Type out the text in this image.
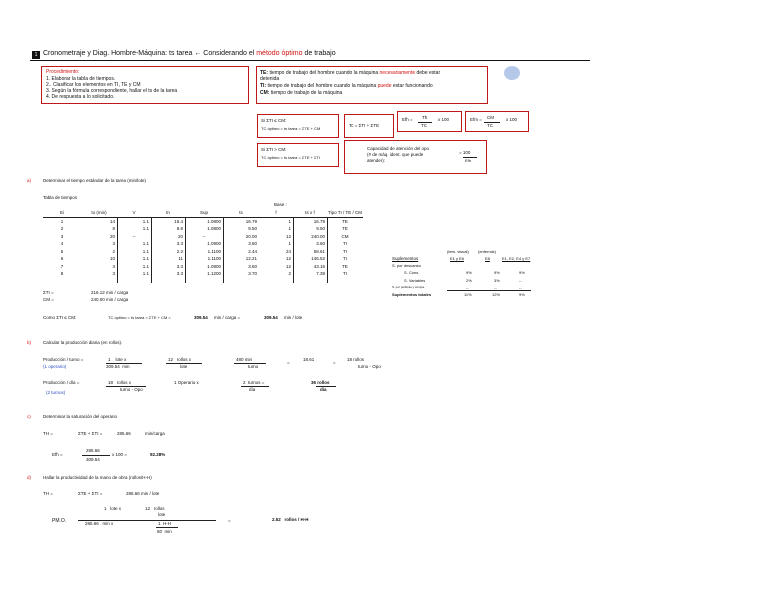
1 Cronometraje y Diag. Hombre-Máquina: ts tarea ← Considerando el método óptimo de trabajo
Procedimiento:
1. Elaborar la tabla de tiempos.
2.. Clasificar los elementos en TI, TE y CM
3. Según la fórmula correspondiente, hallar el ts de la tarea
4. De respuesta a lo solicitado.
TE: tiempo de trabajo del hombre cuando la máquina necesariamente debe estar
detenida
TI: tiempo de trabajo del hombre cuando la máquina puede estar funcionando
CM: tiempo de trabajo de la máquina
Si ΣTI ≤ CM:
TC óptimo = ts tarea = ΣTE + CM
Tc = ΣTI + ΣTE
Efh = Th
TC
x 100	Efm = CM
TC
x 100
Si ΣTI > CM:
TC óptimo = ts tarea = ΣTE + ΣTI
Capacidad de atención del opo
(# de máq. ident. que puede
atender):
= 100
Efh
a)	Determinar el tiempo estándar de la tarea (min/lote)
Tabla de tiempos
Base :
Ei	to (min)	V	tn	Sup	ts	f	ts x f	Tipo TI / TE / CM
1	14	1.1	15.4	1.0800	16.79	1	16.79	TE
2	8	1.1	8.8	1.0800	9.50	1	9.50	TE
3	20	--	20	--	20.00	12	240.00	CM
4	3	1.1	3.3	1.0900	3.60	1	3.60	TI
5	2	1.1	2.2	1.1100	2.44	24	58.61	TI
6	10	1.1	11	1.1100	12.21	12	146.52	TI
7	3	1.1	3.3	1.0900	3.60	12	43.16	TE
8	3	1.1	3.3	1.1200	3.70	2	7.39	TI
(tem. visual) (enfermiz)
E1 y E6	E8	E1, E2, E4 y E7
Suplementos
S. por descanso
S. Cons.	9%	9%	9%
S. Variables	2%	3%	--
S. por políticas y compa.	--	--	--
Suplementos totales	11%	12%	9%
ΣTI =	216.12 min / carga
CM =	240.00 min / carga
Como ΣTI ≤ CM:	TC óptimo = ts tarea = ΣTE + CM =	309.54 min / carga =	309.54 min / lote
b)	Calcular la producción diaria (en rollos).
Producción / turno =
(1 operario)
1 lote x
309.54 min
12 rollos x
lote
480 min
turno
=
18.61
=
18 rollos
turno - Opo
Producción / día =
(2 turnos)
18 rollos x
turno - Opo
1 Operario x	2 turnos =
día
36 rollos
día
c)	Determinar la saturación del operario
TH =	ΣTE + ΣTI =	285.66	min/carga
Efh =
285.66
309.54
x 100 =	92.28%
d)	Hallar la productividad de la mano de obra (rollos/H-H)
TH =	ΣTE + ΣTI =	285.66 min / lote
1 lote x	12 rollos
lote
PM.O.	285.66 min x	1 H-H
60 min
=	2.52 rollos / H-H
